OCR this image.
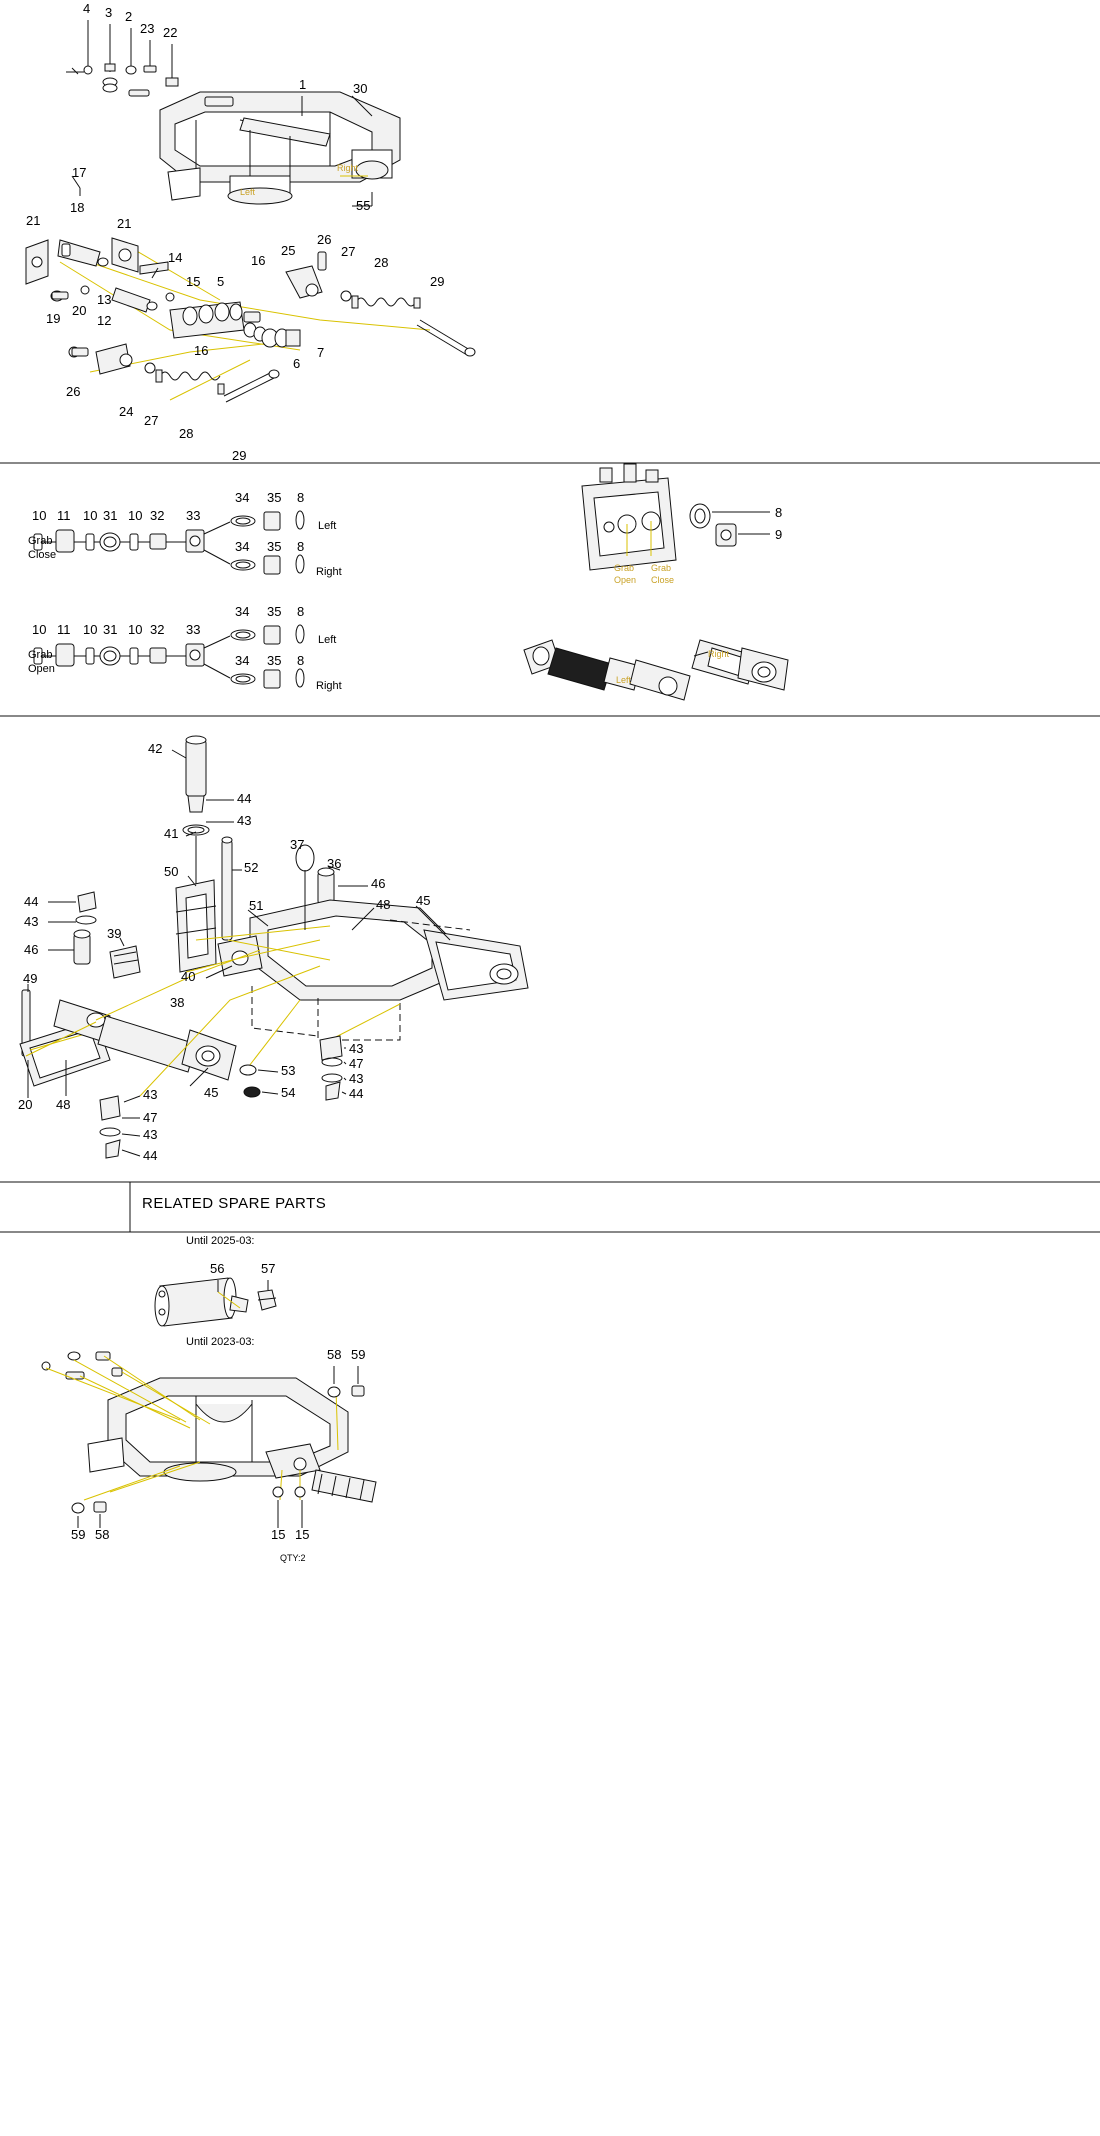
4 3 2
23 22
1	30
55
17
21
18
21
19
20
13
12
14
15 5
16
25
26
27
28
29
16
6
7
26
24
27
28
29
Left
Right
10 11 10 31 10 32 33
34 35 8
Left
34 35 8
Right
Grab
Close
10 11 10 31 10 32 33
34 35 8
Left
34 35 8
Right
Grab
Open
8
9
Grab
Open
Grab
Close
Left
Right
42
44
43
41
52
37
36
46
48 45
50
51
44
43
46
39
40
49
38
20 48
45
43
47
43
44
53
54
43
47
43
44
RELATED SPARE PARTS
Until 2025-03:
Until 2023-03:
QTY:2
56	57
58 59
59 58	15 15
